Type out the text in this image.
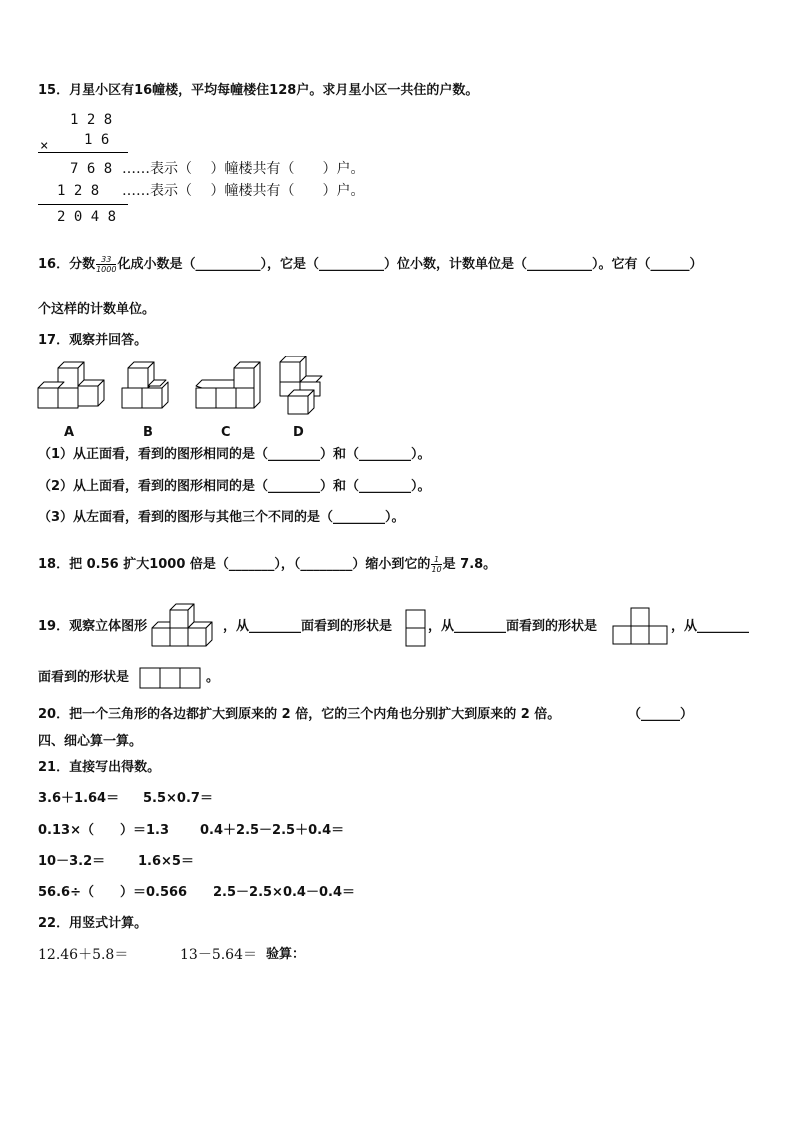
15．月星小区有16幢楼，平均每幢楼住128户。求月星小区一共住的户数。
1 2 8
1 6
×
7 6 8 ……表示（　 ）幢楼共有（　　）户。
1 2 8 ……表示（　 ）幢楼共有（　　）户。
2 0 4 8
16．分数 $\frac{33}{1000}$ 化成小数是（__________），它是（__________）位小数，计数单位是（__________）。它有（______）
个这样的计数单位。
17．观察并回答。
A	B	C	D
（1）从正面看，看到的图形相同的是（________）和（________）。
（2）从上面看，看到的图形相同的是（________）和（________）。
（3）从左面看，看到的图形与其他三个不同的是（________）。
18．把 0.56 扩大1000 倍是（_______），（________）缩小到它的 $\frac{1}{10}$ 是 7.8。
19．观察立体图形	，从________面看到的形状是	，从________面看到的形状是	，从________
面看到的形状是	。
20．把一个三角形的各边都扩大到原来的 2 倍，它的三个内角也分别扩大到原来的 2 倍。	（______）
四、细心算一算。
21．直接写出得数。
3.6＋1.64＝ 5.5×0.7＝
0.13×（　　）＝1.3 0.4＋2.5－2.5＋0.4＝
10－3.2＝	1.6×5＝
56.6÷（　　）＝0.566 2.5－2.5×0.4－0.4＝
22．用竖式计算。
12.46＋5.8＝	13－5.64＝ 验算：
